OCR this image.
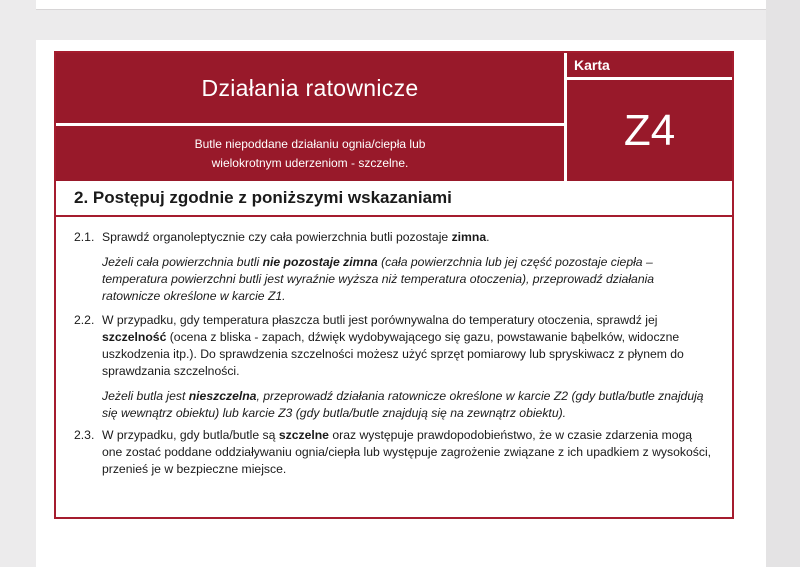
Działania ratownicze
Butle niepoddane działaniu ognia/ciepła lub
wielokrotnym uderzeniom - szczelne.
Karta
Z4
2. Postępuj zgodnie z poniższymi wskazaniami
2.1. Sprawdź organoleptycznie czy cała powierzchnia butli pozostaje zimna.
Jeżeli cała powierzchnia butli nie pozostaje zimna (cała powierzchnia lub jej część pozostaje ciepła – temperatura powierzchni butli jest wyraźnie wyższa niż temperatura otoczenia), przeprowadź działania ratownicze określone w karcie Z1.
2.2. W przypadku, gdy temperatura płaszcza butli jest porównywalna do temperatury otoczenia, sprawdź jej szczelność (ocena z bliska - zapach, dźwięk wydobywającego się gazu, powstawanie bąbelków, widoczne uszkodzenia itp.). Do sprawdzenia szczelności możesz użyć sprzęt pomiarowy lub spryskiwacz z płynem do sprawdzania szczelności.
Jeżeli butla jest nieszczelna, przeprowadź działania ratownicze określone w karcie Z2 (gdy butla/butle znajdują się wewnątrz obiektu) lub karcie Z3 (gdy butla/butle znajdują się na zewnątrz obiektu).
2.3. W przypadku, gdy butla/butle są szczelne oraz występuje prawdopodobieństwo, że w czasie zdarzenia mogą one zostać poddane oddziaływaniu ognia/ciepła lub występuje zagrożenie związane z ich upadkiem z wysokości, przenieś je w bezpieczne miejsce.
